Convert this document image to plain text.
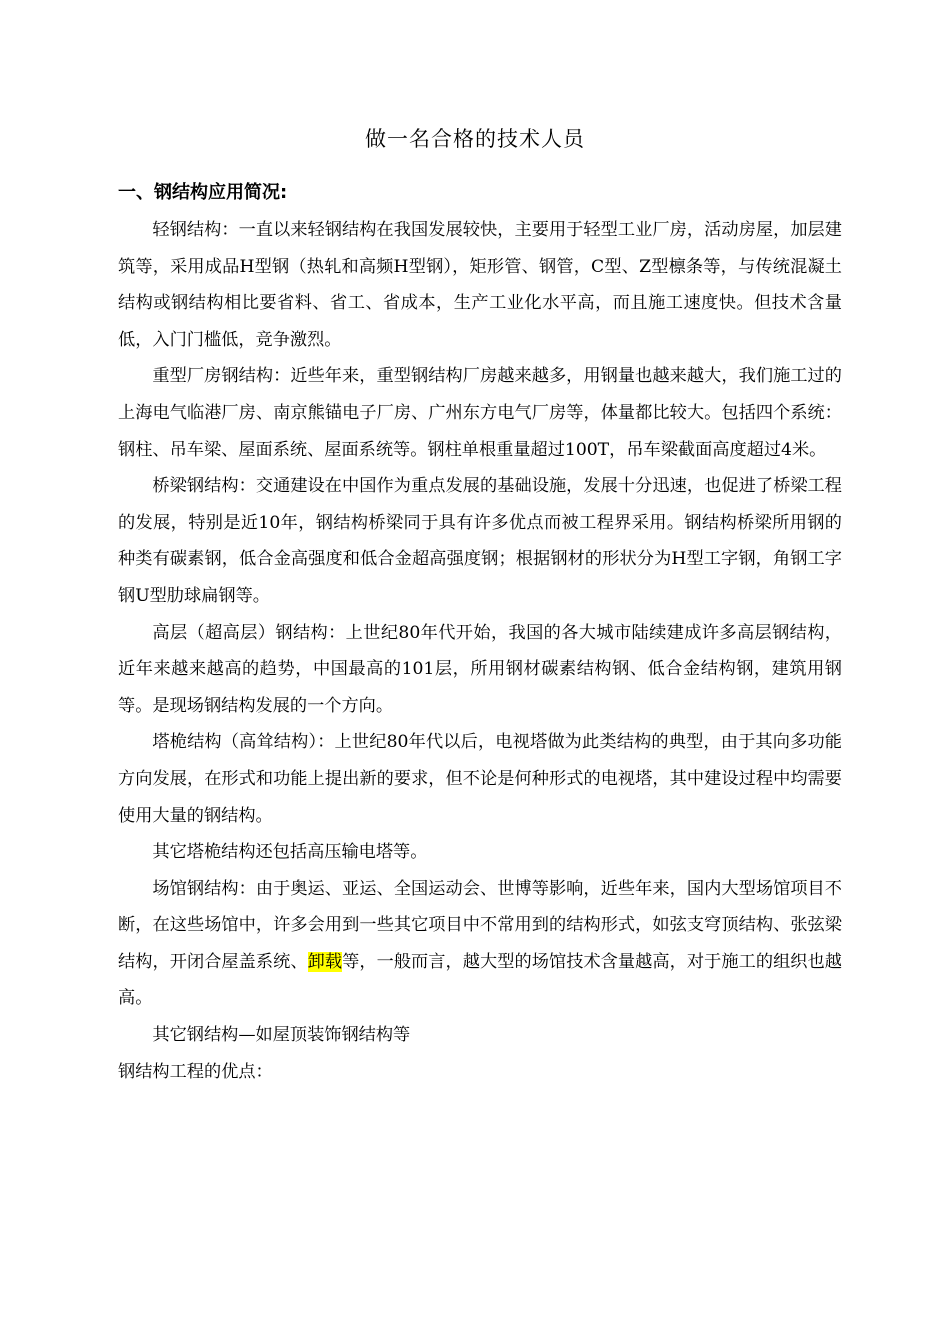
做一名合格的技术人员
一、钢结构应用简况:

轻钢结构：一直以来轻钢结构在我国发展较快，主要用于轻型工业厂房，活动房屋，加层建筑等，采用成品H型钢（热轧和高频H型钢），矩形管、钢管，C型、Z型檩条等，与传统混凝土结构或钢结构相比要省料、省工、省成本，生产工业化水平高，而且施工速度快。但技术含量低，入门门槛低，竞争激烈。

重型厂房钢结构：近些年来，重型钢结构厂房越来越多，用钢量也越来越大，我们施工过的上海电气临港厂房、南京熊锚电子厂房、广州东方电气厂房等，体量都比较大。包括四个系统：钢柱、吊车梁、屋面系统、屋面系统等。钢柱单根重量超过100T，吊车梁截面高度超过4米。

桥梁钢结构：交通建设在中国作为重点发展的基础设施，发展十分迅速，也促进了桥梁工程的发展，特别是近10年，钢结构桥梁同于具有许多优点而被工程界采用。钢结构桥梁所用钢的种类有碳素钢，低合金高强度和低合金超高强度钢；根据钢材的形状分为H型工字钢，角钢工字钢U型肋球扁钢等。

高层（超高层）钢结构：上世纪80年代开始，我国的各大城市陆续建成许多高层钢结构，近年来越来越高的趋势，中国最高的101层，所用钢材碳素结构钢、低合金结构钢，建筑用钢等。是现场钢结构发展的一个方向。

塔桅结构（高耸结构）：上世纪80年代以后，电视塔做为此类结构的典型，由于其向多功能方向发展，在形式和功能上提出新的要求，但不论是何种形式的电视塔，其中建设过程中均需要使用大量的钢结构。

其它塔桅结构还包括高压输电塔等。

场馆钢结构：由于奥运、亚运、全国运动会、世博等影响，近些年来，国内大型场馆项目不断，在这些场馆中，许多会用到一些其它项目中不常用到的结构形式，如弦支穹顶结构、张弦梁结构，开闭合屋盖系统、卸载等，一般而言，越大型的场馆技术含量越高，对于施工的组织也越高。

其它钢结构—如屋顶装饰钢结构等

钢结构工程的优点：
